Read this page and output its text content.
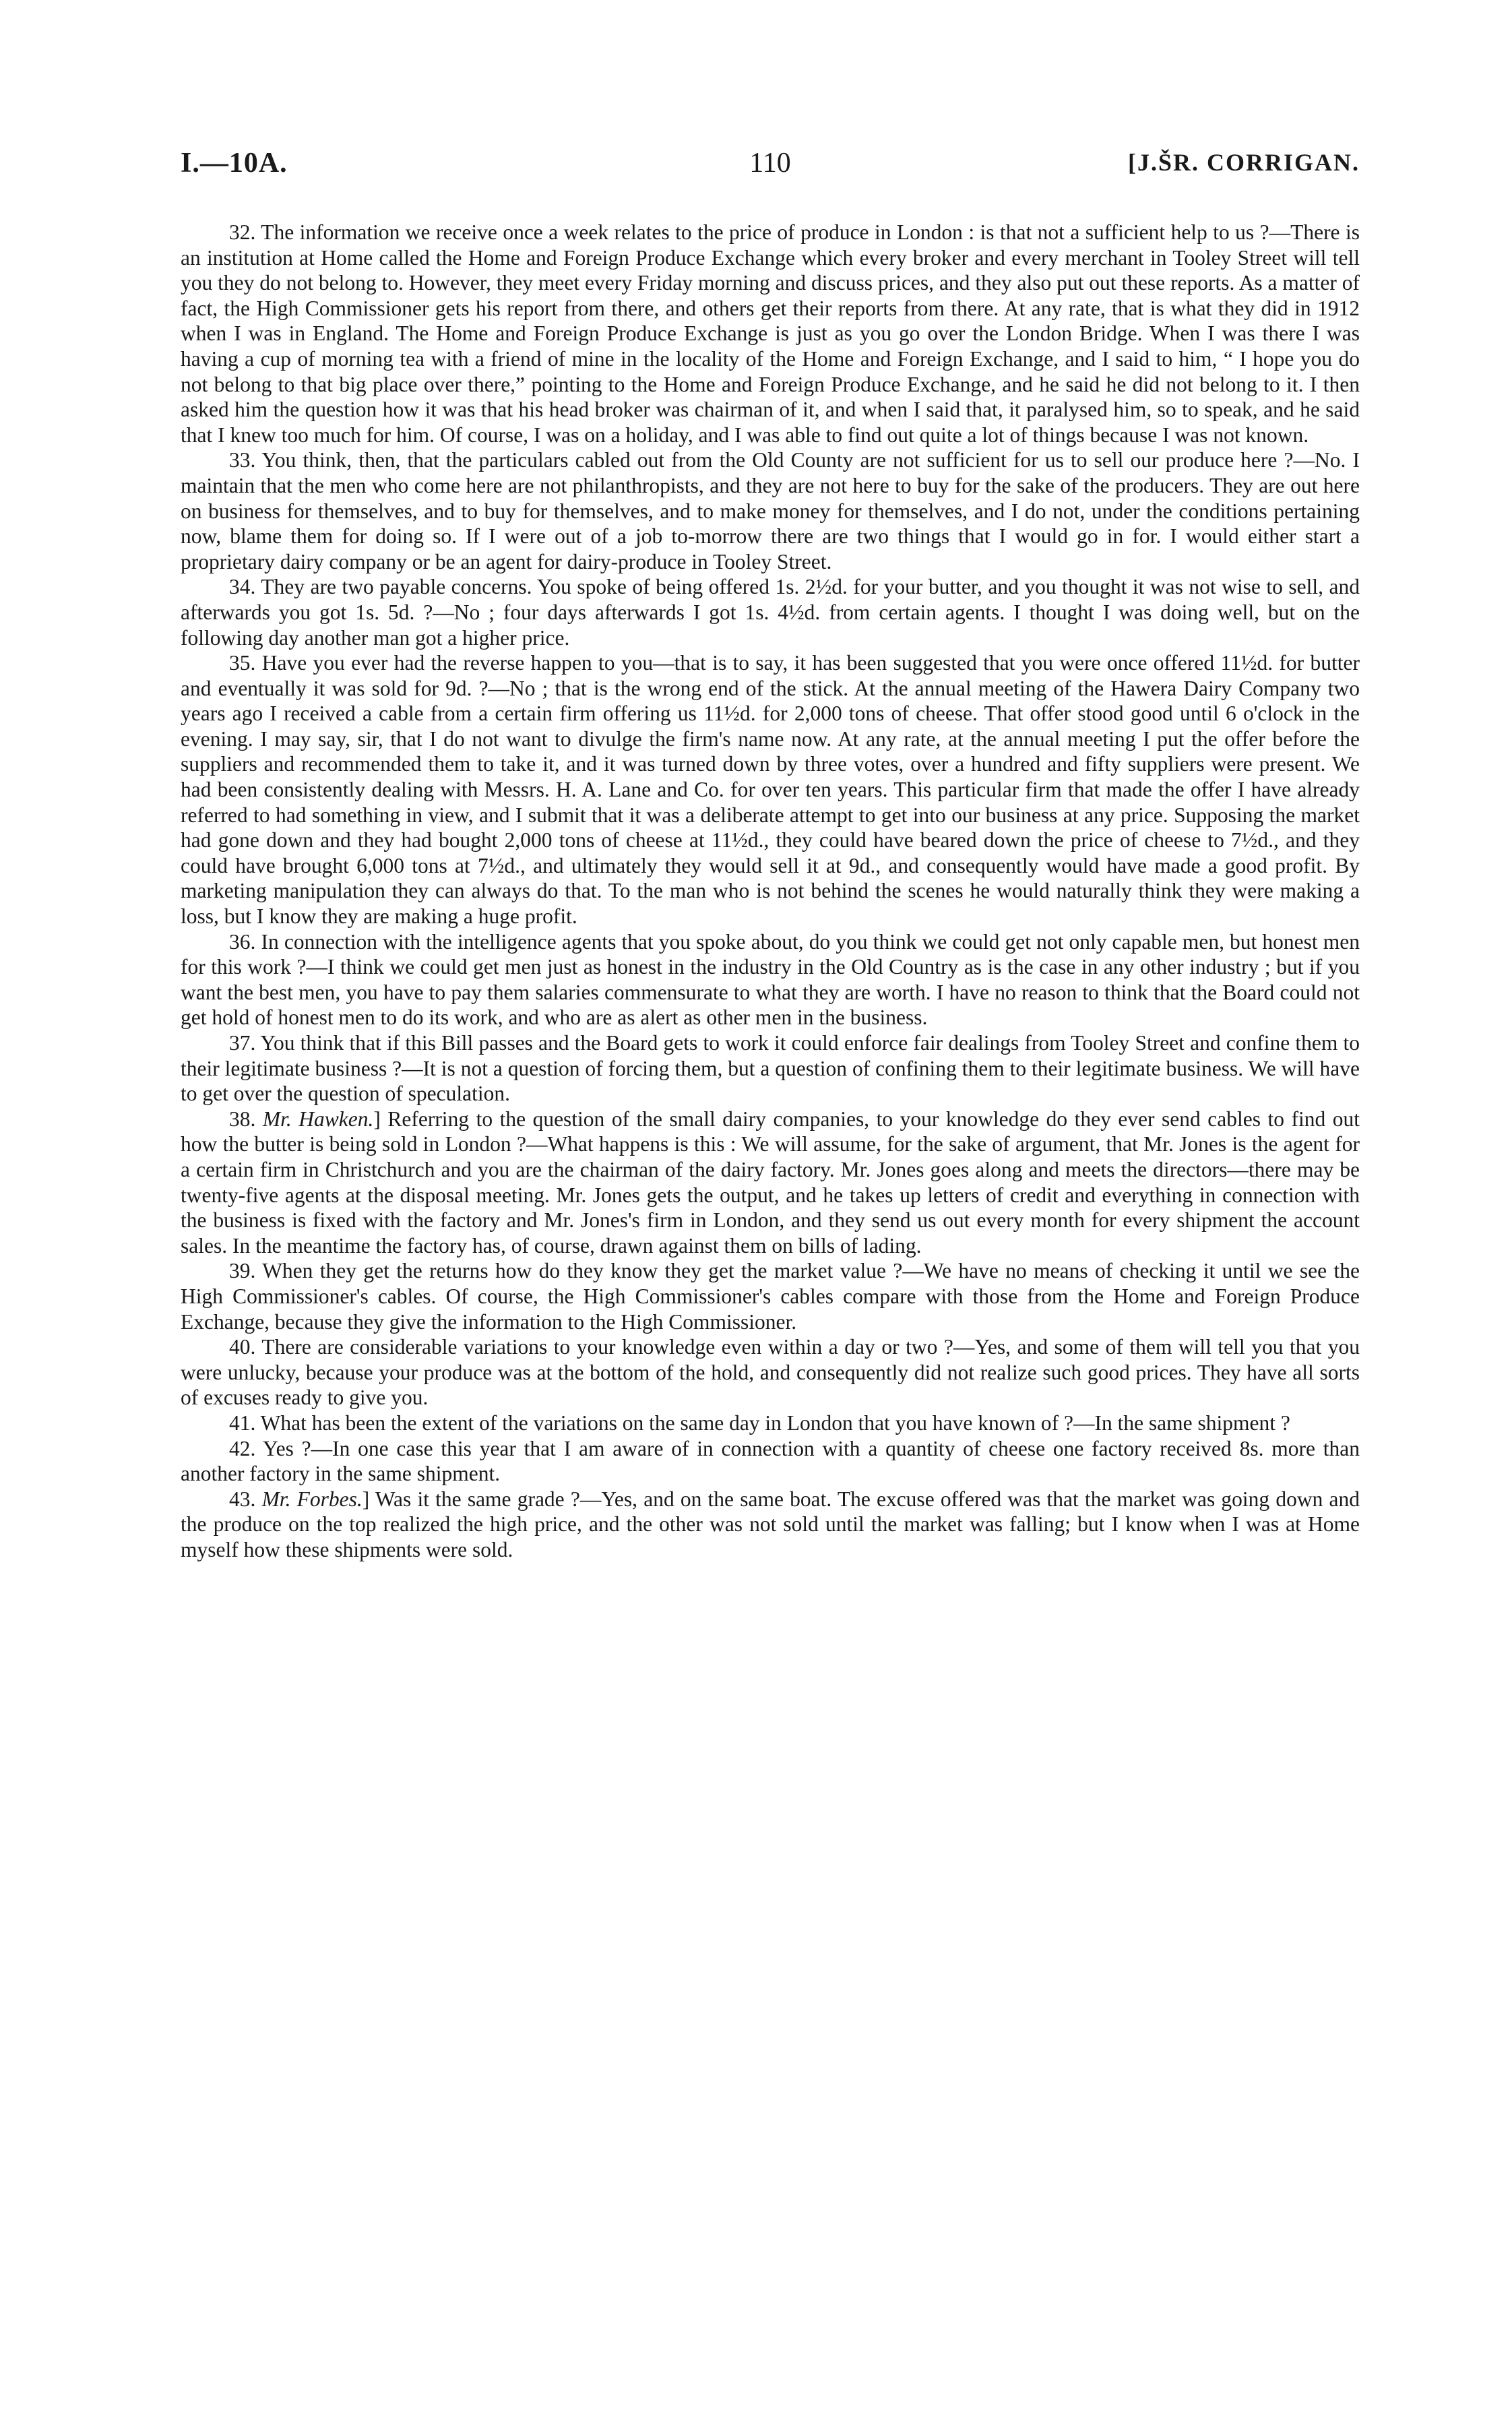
I.—10A.	110	[J.ŠR. CORRIGAN.

32. The information we receive once a week relates to the price of produce in London : is that not a sufficient help to us ?—There is an institution at Home called the Home and Foreign Produce Exchange which every broker and every merchant in Tooley Street will tell you they do not belong to. However, they meet every Friday morning and discuss prices, and they also put out these reports. As a matter of fact, the High Commissioner gets his report from there, and others get their reports from there. At any rate, that is what they did in 1912 when I was in England. The Home and Foreign Produce Exchange is just as you go over the London Bridge. When I was there I was having a cup of morning tea with a friend of mine in the locality of the Home and Foreign Exchange, and I said to him, “ I hope you do not belong to that big place over there,” pointing to the Home and Foreign Produce Exchange, and he said he did not belong to it. I then asked him the question how it was that his head broker was chairman of it, and when I said that, it paralysed him, so to speak, and he said that I knew too much for him. Of course, I was on a holiday, and I was able to find out quite a lot of things because I was not known.

33. You think, then, that the particulars cabled out from the Old County are not sufficient for us to sell our produce here ?—No. I maintain that the men who come here are not philanthropists, and they are not here to buy for the sake of the producers. They are out here on business for themselves, and to buy for themselves, and to make money for themselves, and I do not, under the conditions pertaining now, blame them for doing so. If I were out of a job to-morrow there are two things that I would go in for. I would either start a proprietary dairy company or be an agent for dairy-produce in Tooley Street.

34. They are two payable concerns. You spoke of being offered 1s. 2½d. for your butter, and you thought it was not wise to sell, and afterwards you got 1s. 5d. ?—No ; four days afterwards I got 1s. 4½d. from certain agents. I thought I was doing well, but on the following day another man got a higher price.

35. Have you ever had the reverse happen to you—that is to say, it has been suggested that you were once offered 11½d. for butter and eventually it was sold for 9d. ?—No ; that is the wrong end of the stick. At the annual meeting of the Hawera Dairy Company two years ago I received a cable from a certain firm offering us 11½d. for 2,000 tons of cheese. That offer stood good until 6 o'clock in the evening. I may say, sir, that I do not want to divulge the firm's name now. At any rate, at the annual meeting I put the offer before the suppliers and recommended them to take it, and it was turned down by three votes, over a hundred and fifty suppliers were present. We had been consistently dealing with Messrs. H. A. Lane and Co. for over ten years. This particular firm that made the offer I have already referred to had something in view, and I submit that it was a deliberate attempt to get into our business at any price. Supposing the market had gone down and they had bought 2,000 tons of cheese at 11½d., they could have beared down the price of cheese to 7½d., and they could have brought 6,000 tons at 7½d., and ultimately they would sell it at 9d., and consequently would have made a good profit. By marketing manipulation they can always do that. To the man who is not behind the scenes he would naturally think they were making a loss, but I know they are making a huge profit.

36. In connection with the intelligence agents that you spoke about, do you think we could get not only capable men, but honest men for this work ?—I think we could get men just as honest in the industry in the Old Country as is the case in any other industry ; but if you want the best men, you have to pay them salaries commensurate to what they are worth. I have no reason to think that the Board could not get hold of honest men to do its work, and who are as alert as other men in the business.

37. You think that if this Bill passes and the Board gets to work it could enforce fair dealings from Tooley Street and confine them to their legitimate business ?—It is not a question of forcing them, but a question of confining them to their legitimate business. We will have to get over the question of speculation.

38. Mr. Hawken.] Referring to the question of the small dairy companies, to your knowledge do they ever send cables to find out how the butter is being sold in London ?—What happens is this : We will assume, for the sake of argument, that Mr. Jones is the agent for a certain firm in Christchurch and you are the chairman of the dairy factory. Mr. Jones goes along and meets the directors—there may be twenty-five agents at the disposal meeting. Mr. Jones gets the output, and he takes up letters of credit and everything in connection with the business is fixed with the factory and Mr. Jones's firm in London, and they send us out every month for every shipment the account sales. In the meantime the factory has, of course, drawn against them on bills of lading.

39. When they get the returns how do they know they get the market value ?—We have no means of checking it until we see the High Commissioner's cables. Of course, the High Commissioner's cables compare with those from the Home and Foreign Produce Exchange, because they give the information to the High Commissioner.

40. There are considerable variations to your knowledge even within a day or two ?—Yes, and some of them will tell you that you were unlucky, because your produce was at the bottom of the hold, and consequently did not realize such good prices. They have all sorts of excuses ready to give you.

41. What has been the extent of the variations on the same day in London that you have known of ?—In the same shipment ?

42. Yes ?—In one case this year that I am aware of in connection with a quantity of cheese one factory received 8s. more than another factory in the same shipment.

43. Mr. Forbes.] Was it the same grade ?—Yes, and on the same boat. The excuse offered was that the market was going down and the produce on the top realized the high price, and the other was not sold until the market was falling; but I know when I was at Home myself how these shipments were sold.
